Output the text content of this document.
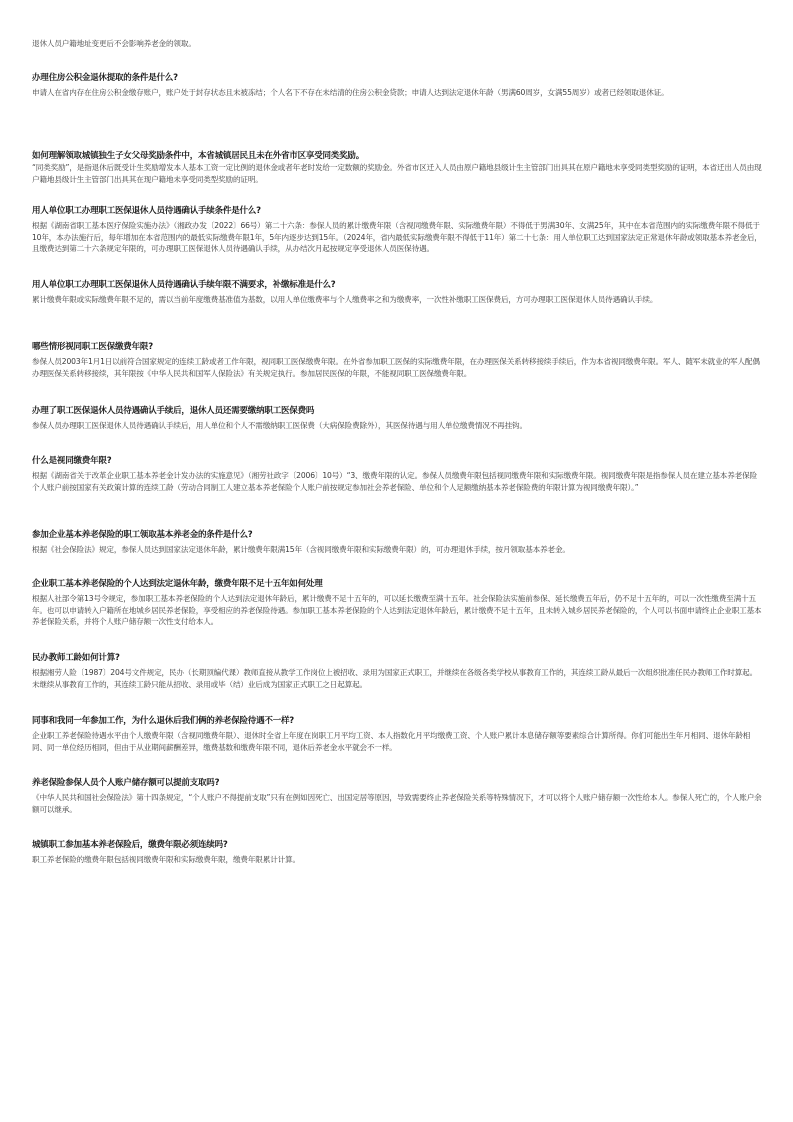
退休人员户籍地址变更后不会影响养老金的领取。

办理住房公积金退休提取的条件是什么?

申请人在省内存在住房公积金缴存账户，账户处于封存状态且未被冻结；个人名下不存在未结清的住房公积金贷款；申请人达到法定退休年龄（男满60周岁，女满55周岁）或者已经领取退休证。

如何理解领取城镇独生子女父母奖励条件中，本省城镇居民且未在外省市区享受同类奖励。

“同类奖励”，是指退休后既受计生奖励增发本人基本工资一定比例的退休金或者年老时发给一定数额的奖励金。外省市区迁入人员由原户籍地县级计生主管部门出具其在原户籍地未享受同类型奖励的证明，本省迁出人员由现户籍地县级计生主管部门出具其在现户籍地未享受同类型奖励的证明。

用人单位职工办理职工医保退休人员待遇确认手续条件是什么?

根据《湖南省职工基本医疗保险实施办法》（湘政办发〔2022〕66号）第二十六条：参保人员的累计缴费年限（含视同缴费年限、实际缴费年限）不得低于男满30年、女满25年，其中在本省范围内的实际缴费年限不得低于10年，本办法施行后，每年增加在本省范围内的最低实际缴费年限1年，5年内逐步达到15年。（2024年，省内最低实际缴费年限不得低于11年）第二十七条：用人单位职工达到国家法定正常退休年龄或领取基本养老金后，且缴费达到第二十六条规定年限的，可办理职工医保退休人员待遇确认手续，从办结次月起按规定享受退休人员医保待遇。

用人单位职工办理职工医保退休人员待遇确认手续年限不满要求，补缴标准是什么?

累计缴费年限或实际缴费年限不足的，需以当前年度缴费基准值为基数，以用人单位缴费率与个人缴费率之和为缴费率，一次性补缴职工医保费后，方可办理职工医保退休人员待遇确认手续。

哪些情形视同职工医保缴费年限?

参保人员2003年1月1日以前符合国家规定的连续工龄或者工作年限，视同职工医保缴费年限。在外省参加职工医保的实际缴费年限，在办理医保关系转移接续手续后，作为本省视同缴费年限。军人、随军未就业的军人配偶办理医保关系转移接续，其年限按《中华人民共和国军人保险法》有关规定执行。参加居民医保的年限，不能视同职工医保缴费年限。

办理了职工医保退休人员待遇确认手续后，退休人员还需要缴纳职工医保费吗

参保人员办理职工医保退休人员待遇确认手续后，用人单位和个人不需缴纳职工医保费（大病保险费除外），其医保待遇与用人单位缴费情况不再挂钩。

什么是视同缴费年限?

根据《湖南省关于改革企业职工基本养老金计发办法的实施意见》（湘劳社政字〔2006〕10号）“3、缴费年限的认定。参保人员缴费年限包括视同缴费年限和实际缴费年限。视同缴费年限是指参保人员在建立基本养老保险个人账户前按国家有关政策计算的连续工龄（劳动合同制工人建立基本养老保险个人账户前按规定参加社会养老保险、单位和个人足额缴纳基本养老保险费的年限计算为视同缴费年限）。”

参加企业基本养老保险的职工领取基本养老金的条件是什么?

根据《社会保险法》规定，参保人员达到国家法定退休年龄，累计缴费年限满15年（含视同缴费年限和实际缴费年限）的，可办理退休手续，按月领取基本养老金。

企业职工基本养老保险的个人达到法定退休年龄，缴费年限不足十五年如何处理

根据人社部令第13号令规定，参加职工基本养老保险的个人达到法定退休年龄后，累计缴费不足十五年的，可以延长缴费至满十五年。社会保险法实施前参保、延长缴费五年后，仍不足十五年的，可以一次性缴费至满十五年。也可以申请转入户籍所在地城乡居民养老保险，享受相应的养老保险待遇。参加职工基本养老保险的个人达到法定退休年龄后，累计缴费不足十五年，且未转入城乡居民养老保险的，个人可以书面申请终止企业职工基本养老保险关系，并将个人账户储存额一次性支付给本人。

民办教师工龄如何计算?

根据湘劳人险〔1987〕204号文件规定，民办（长期顶编代课）教师直接从教学工作岗位上被招收、录用为国家正式职工，并继续在各级各类学校从事教育工作的，其连续工龄从最后一次组织批准任民办教师工作时算起。未继续从事教育工作的，其连续工龄只能从招收、录用或毕（结）业后成为国家正式职工之日起算起。

同事和我同一年参加工作，为什么退休后我们俩的养老保险待遇不一样?

企业职工养老保险待遇水平由个人缴费年限（含视同缴费年限）、退休时全省上年度在岗职工月平均工资、本人指数化月平均缴费工资、个人账户累计本息储存额等要素综合计算所得。你们可能出生年月相同、退休年龄相同、同一单位经历相同，但由于从业期间薪酬差异，缴费基数和缴费年限不同，退休后养老金水平就会不一样。

养老保险参保人员个人账户储存额可以提前支取吗?

《中华人民共和国社会保险法》第十四条规定，“个人账户不得提前支取”只有在例如因死亡、出国定居等原因，导致需要终止养老保险关系等特殊情况下，才可以将个人账户储存额一次性给本人。参保人死亡的，个人账户余额可以继承。

城镇职工参加基本养老保险后，缴费年限必须连续吗?

职工养老保险的缴费年限包括视同缴费年限和实际缴费年限，缴费年限累计计算。
